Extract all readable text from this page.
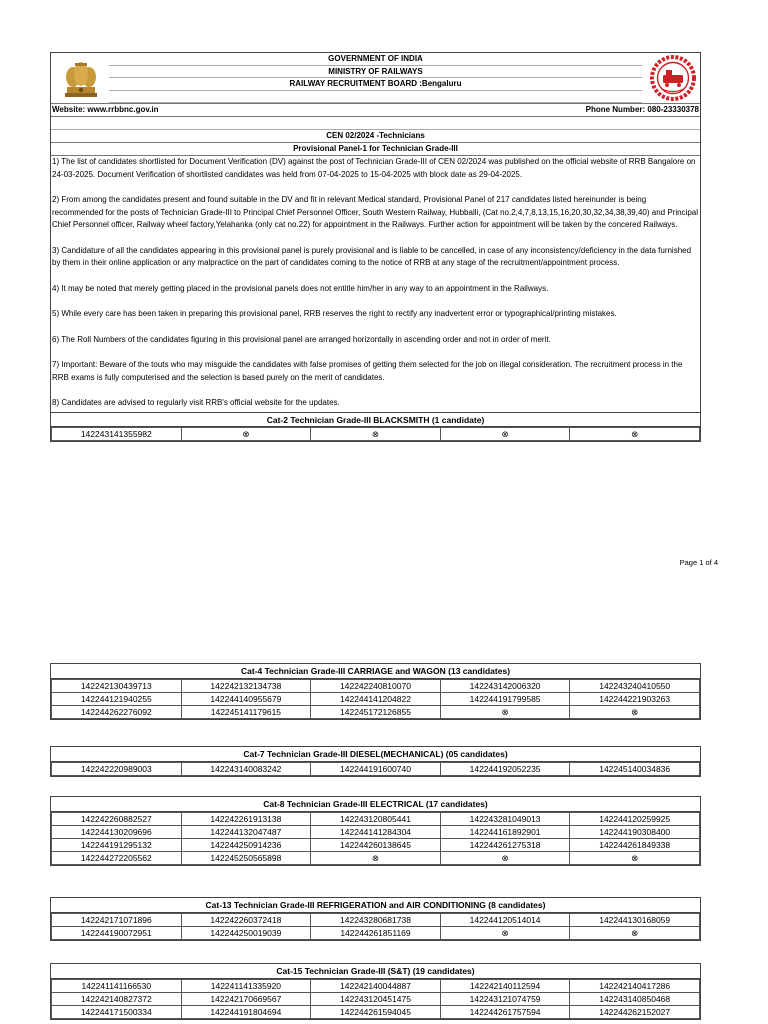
GOVERNMENT OF INDIA
MINISTRY OF RAILWAYS
RAILWAY RECRUITMENT BOARD :Bengaluru
Website: www.rrbbnc.gov.in	Phone Number: 080-23330378
CEN 02/2024 -Technicians
Provisional Panel-1 for Technician Grade-III

1) The list of candidates shortlisted for Document Verification (DV) against the post of Technician Grade-III of CEN 02/2024 was published on the official website of RRB Bangalore on 24-03-2025. Document Verification of shortlisted candidates was held from 07-04-2025 to 15-04-2025 with block date as 29-04-2025.

2) From among the candidates present and found suitable in the DV and fit in relevant Medical standard, Provisional Panel of 217 candidates listed hereinunder is being recommended for the posts of Technician Grade-III to Principal Chief Personnel Officer, South Western Railway, Hubballi, (Cat no.2,4,7,8,13,15,16,20,30,32,34,38,39,40) and Principal Chief Personnel officer, Railway wheel factory,Yelahanka (only cat no.22) for appointment in the Railways. Further action for appointment will be taken by the concered Railways.

3) Candidature of all the candidates appearing in this provisional panel is purely provisional and is liable to be cancelled, in case of any inconsistency/deficiency in the data furnished by them in their online application or any malpractice on the part of candidates coming to the notice of RRB at any stage of the recruitment/appointment process.

4) It may be noted that merely getting placed in the provisional panels does not entitle him/her in any way to an appointment in the Railways.

5) While every care has been taken in preparing this provisional panel, RRB reserves the right to rectify any inadvertent error or typographical/printing mistakes.

6) The Roll Numbers of the candidates figuring in this provisional panel are arranged horizontally in ascending order and not in order of merit.

7) Important: Beware of the touts who may misguide the candidates with false promises of getting them selected for the job on illegal consideration. The recruitment process in the RRB exams is fully computerised and the selection is based purely on the merit of candidates.

8) Candidates are advised to regularly visit RRB's official website for the updates.

Cat-2 Technician Grade-III BLACKSMITH (1 candidate)
142243141355982	⊗	⊗	⊗	⊗
Page 1 of 4
Cat-4 Technician Grade-III CARRIAGE and WAGON (13 candidates)
142242130439713	142242132134738	142242240810070	142243142006320	142243240410550
142244121940255	142244140955679	142244141204822	142244191799585	142244221903263
142244262276092	142245141179615	142245172126855	⊗	⊗
Cat-7 Technician Grade-III DIESEL(MECHANICAL) (05 candidates)
142242220989003	142243140083242	142244191600740	142244192052235	142245140034836
Cat-8 Technician Grade-III ELECTRICAL (17 candidates)
142242260882527	142242261913138	142243120805441	142243281049013	142244120259925
142244130209696	142244132047487	142244141284304	142244161892901	142244190308400
142244191295132	142244250914236	142244260138645	142244261275318	142244261849338
142244272205562	142245250565898	⊗	⊗	⊗
Cat-13 Technician Grade-III REFRIGERATION and AIR CONDITIONING (8 candidates)
142242171071896	142242260372418	142243280681738	142244120514014	142244130168059
142244190072951	142244250019039	142244261851169	⊗	⊗
Cat-15 Technician Grade-III (S&T) (19 candidates)
142241141166530	142241141335920	142242140044887	142242140112594	142242140417286
142242140827372	142242170669567	142243120451475	142243121074759	142243140850468
142244171500334	142244191804694	142244261594045	142244261757594	142244262152027
